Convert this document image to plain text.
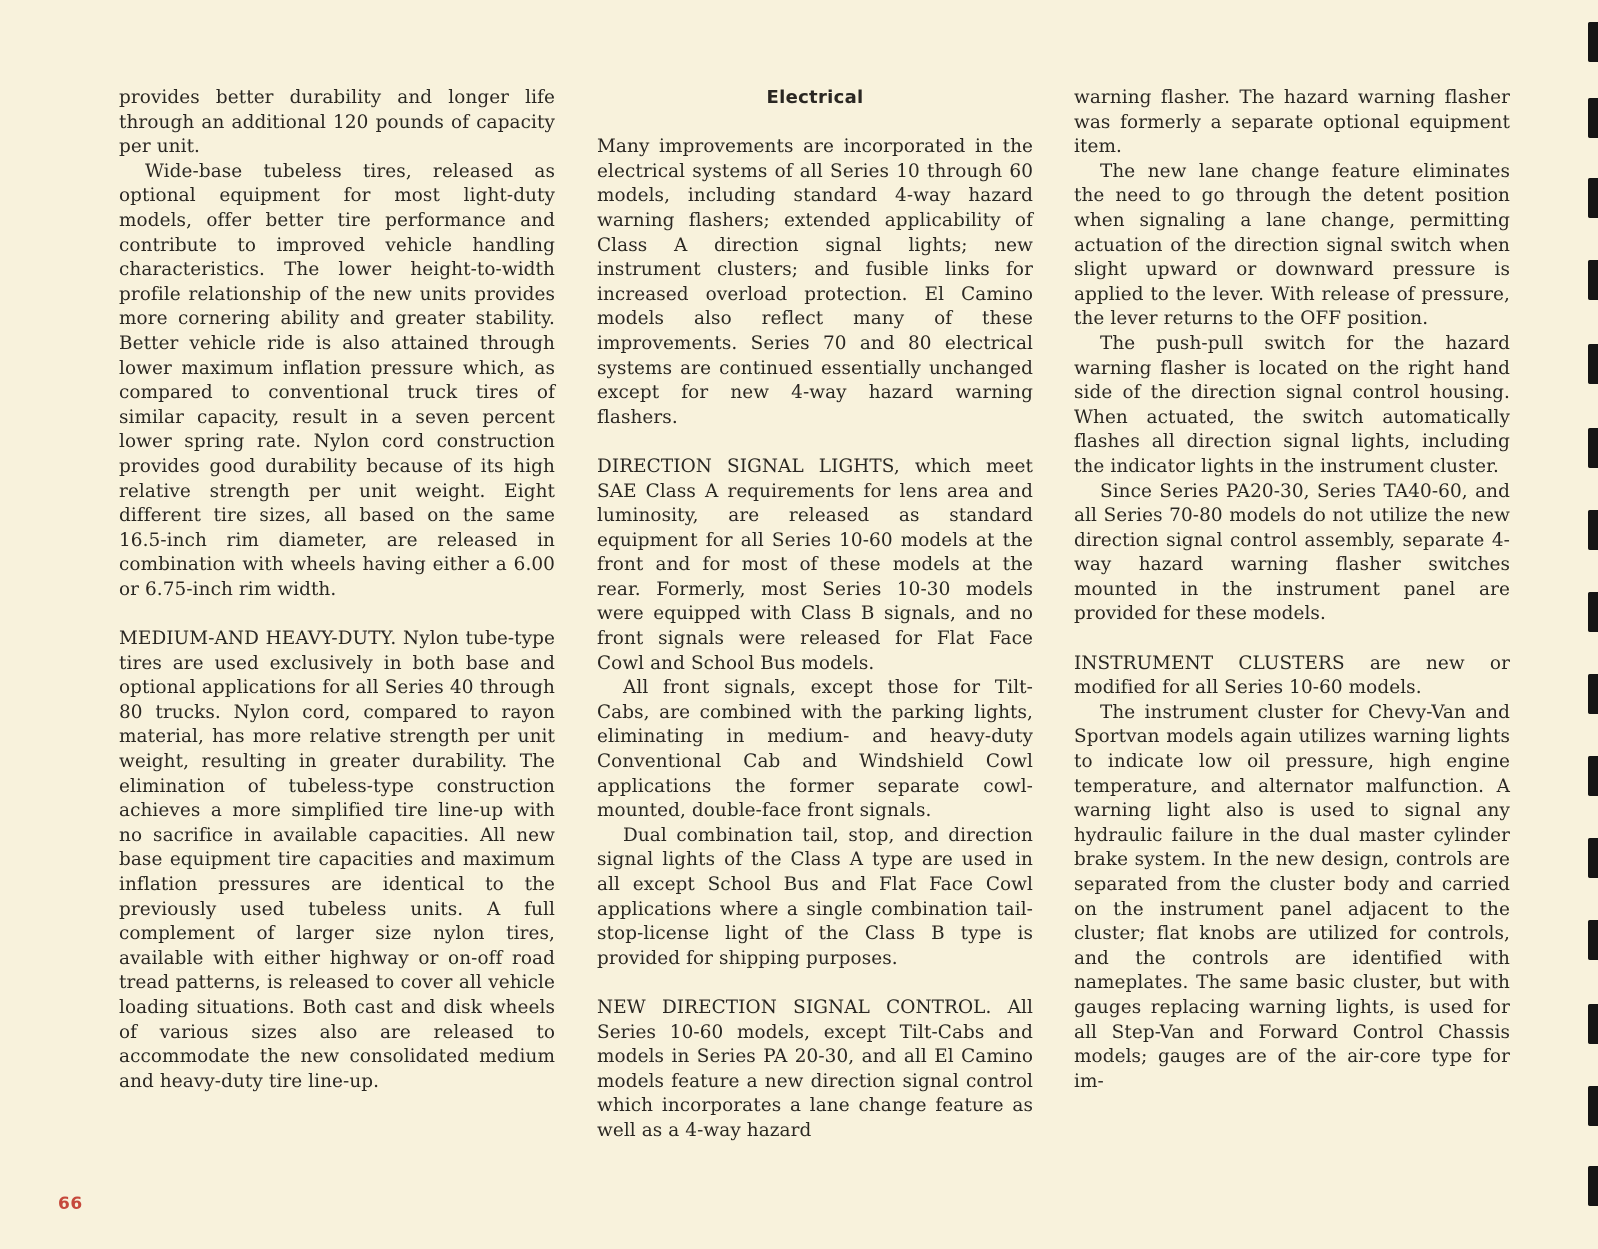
provides better durability and longer life through an additional 120 pounds of capacity per unit.

Wide-base tubeless tires, released as optional equipment for most light-duty models, offer better tire performance and contribute to improved vehicle handling characteristics. The lower height-to-width profile relationship of the new units provides more cornering ability and greater stability. Better vehicle ride is also attained through lower maximum inflation pressure which, as compared to conventional truck tires of similar capacity, result in a seven percent lower spring rate. Nylon cord construction provides good durability because of its high relative strength per unit weight. Eight different tire sizes, all based on the same 16.5-inch rim diameter, are released in combination with wheels having either a 6.00 or 6.75-inch rim width.

MEDIUM-AND HEAVY-DUTY. Nylon tube-type tires are used exclusively in both base and optional applications for all Series 40 through 80 trucks. Nylon cord, compared to rayon material, has more relative strength per unit weight, resulting in greater durability. The elimination of tubeless-type construction achieves a more simplified tire line-up with no sacrifice in available capacities. All new base equipment tire capacities and maximum inflation pressures are identical to the previously used tubeless units. A full complement of larger size nylon tires, available with either highway or on-off road tread patterns, is released to cover all vehicle loading situations. Both cast and disk wheels of various sizes also are released to accommodate the new consolidated medium and heavy-duty tire line-up.

Electrical

Many improvements are incorporated in the electrical systems of all Series 10 through 60 models, including standard 4-way hazard warning flashers; extended applicability of Class A direction signal lights; new instrument clusters; and fusible links for increased overload protection. El Camino models also reflect many of these improvements. Series 70 and 80 electrical systems are continued essentially unchanged except for new 4-way hazard warning flashers.

DIRECTION SIGNAL LIGHTS, which meet SAE Class A requirements for lens area and luminosity, are released as standard equipment for all Series 10-60 models at the front and for most of these models at the rear. Formerly, most Series 10-30 models were equipped with Class B signals, and no front signals were released for Flat Face Cowl and School Bus models.

All front signals, except those for Tilt-Cabs, are combined with the parking lights, eliminating in medium- and heavy-duty Conventional Cab and Windshield Cowl applications the former separate cowl-mounted, double-face front signals.

Dual combination tail, stop, and direction signal lights of the Class A type are used in all except School Bus and Flat Face Cowl applications where a single combination tail-stop-license light of the Class B type is provided for shipping purposes.

NEW DIRECTION SIGNAL CONTROL. All Series 10-60 models, except Tilt-Cabs and models in Series PA 20-30, and all El Camino models feature a new direction signal control which incorporates a lane change feature as well as a 4-way hazard

warning flasher. The hazard warning flasher was formerly a separate optional equipment item.

The new lane change feature eliminates the need to go through the detent position when signaling a lane change, permitting actuation of the direction signal switch when slight upward or downward pressure is applied to the lever. With release of pressure, the lever returns to the OFF position.

The push-pull switch for the hazard warning flasher is located on the right hand side of the direction signal control housing. When actuated, the switch automatically flashes all direction signal lights, including the indicator lights in the instrument cluster.

Since Series PA20-30, Series TA40-60, and all Series 70-80 models do not utilize the new direction signal control assembly, separate 4-way hazard warning flasher switches mounted in the instrument panel are provided for these models.

INSTRUMENT CLUSTERS are new or modified for all Series 10-60 models.

The instrument cluster for Chevy-Van and Sportvan models again utilizes warning lights to indicate low oil pressure, high engine temperature, and alternator malfunction. A warning light also is used to signal any hydraulic failure in the dual master cylinder brake system. In the new design, controls are separated from the cluster body and carried on the instrument panel adjacent to the cluster; flat knobs are utilized for controls, and the controls are identified with nameplates. The same basic cluster, but with gauges replacing warning lights, is used for all Step-Van and Forward Control Chassis models; gauges are of the air-core type for im-

66
